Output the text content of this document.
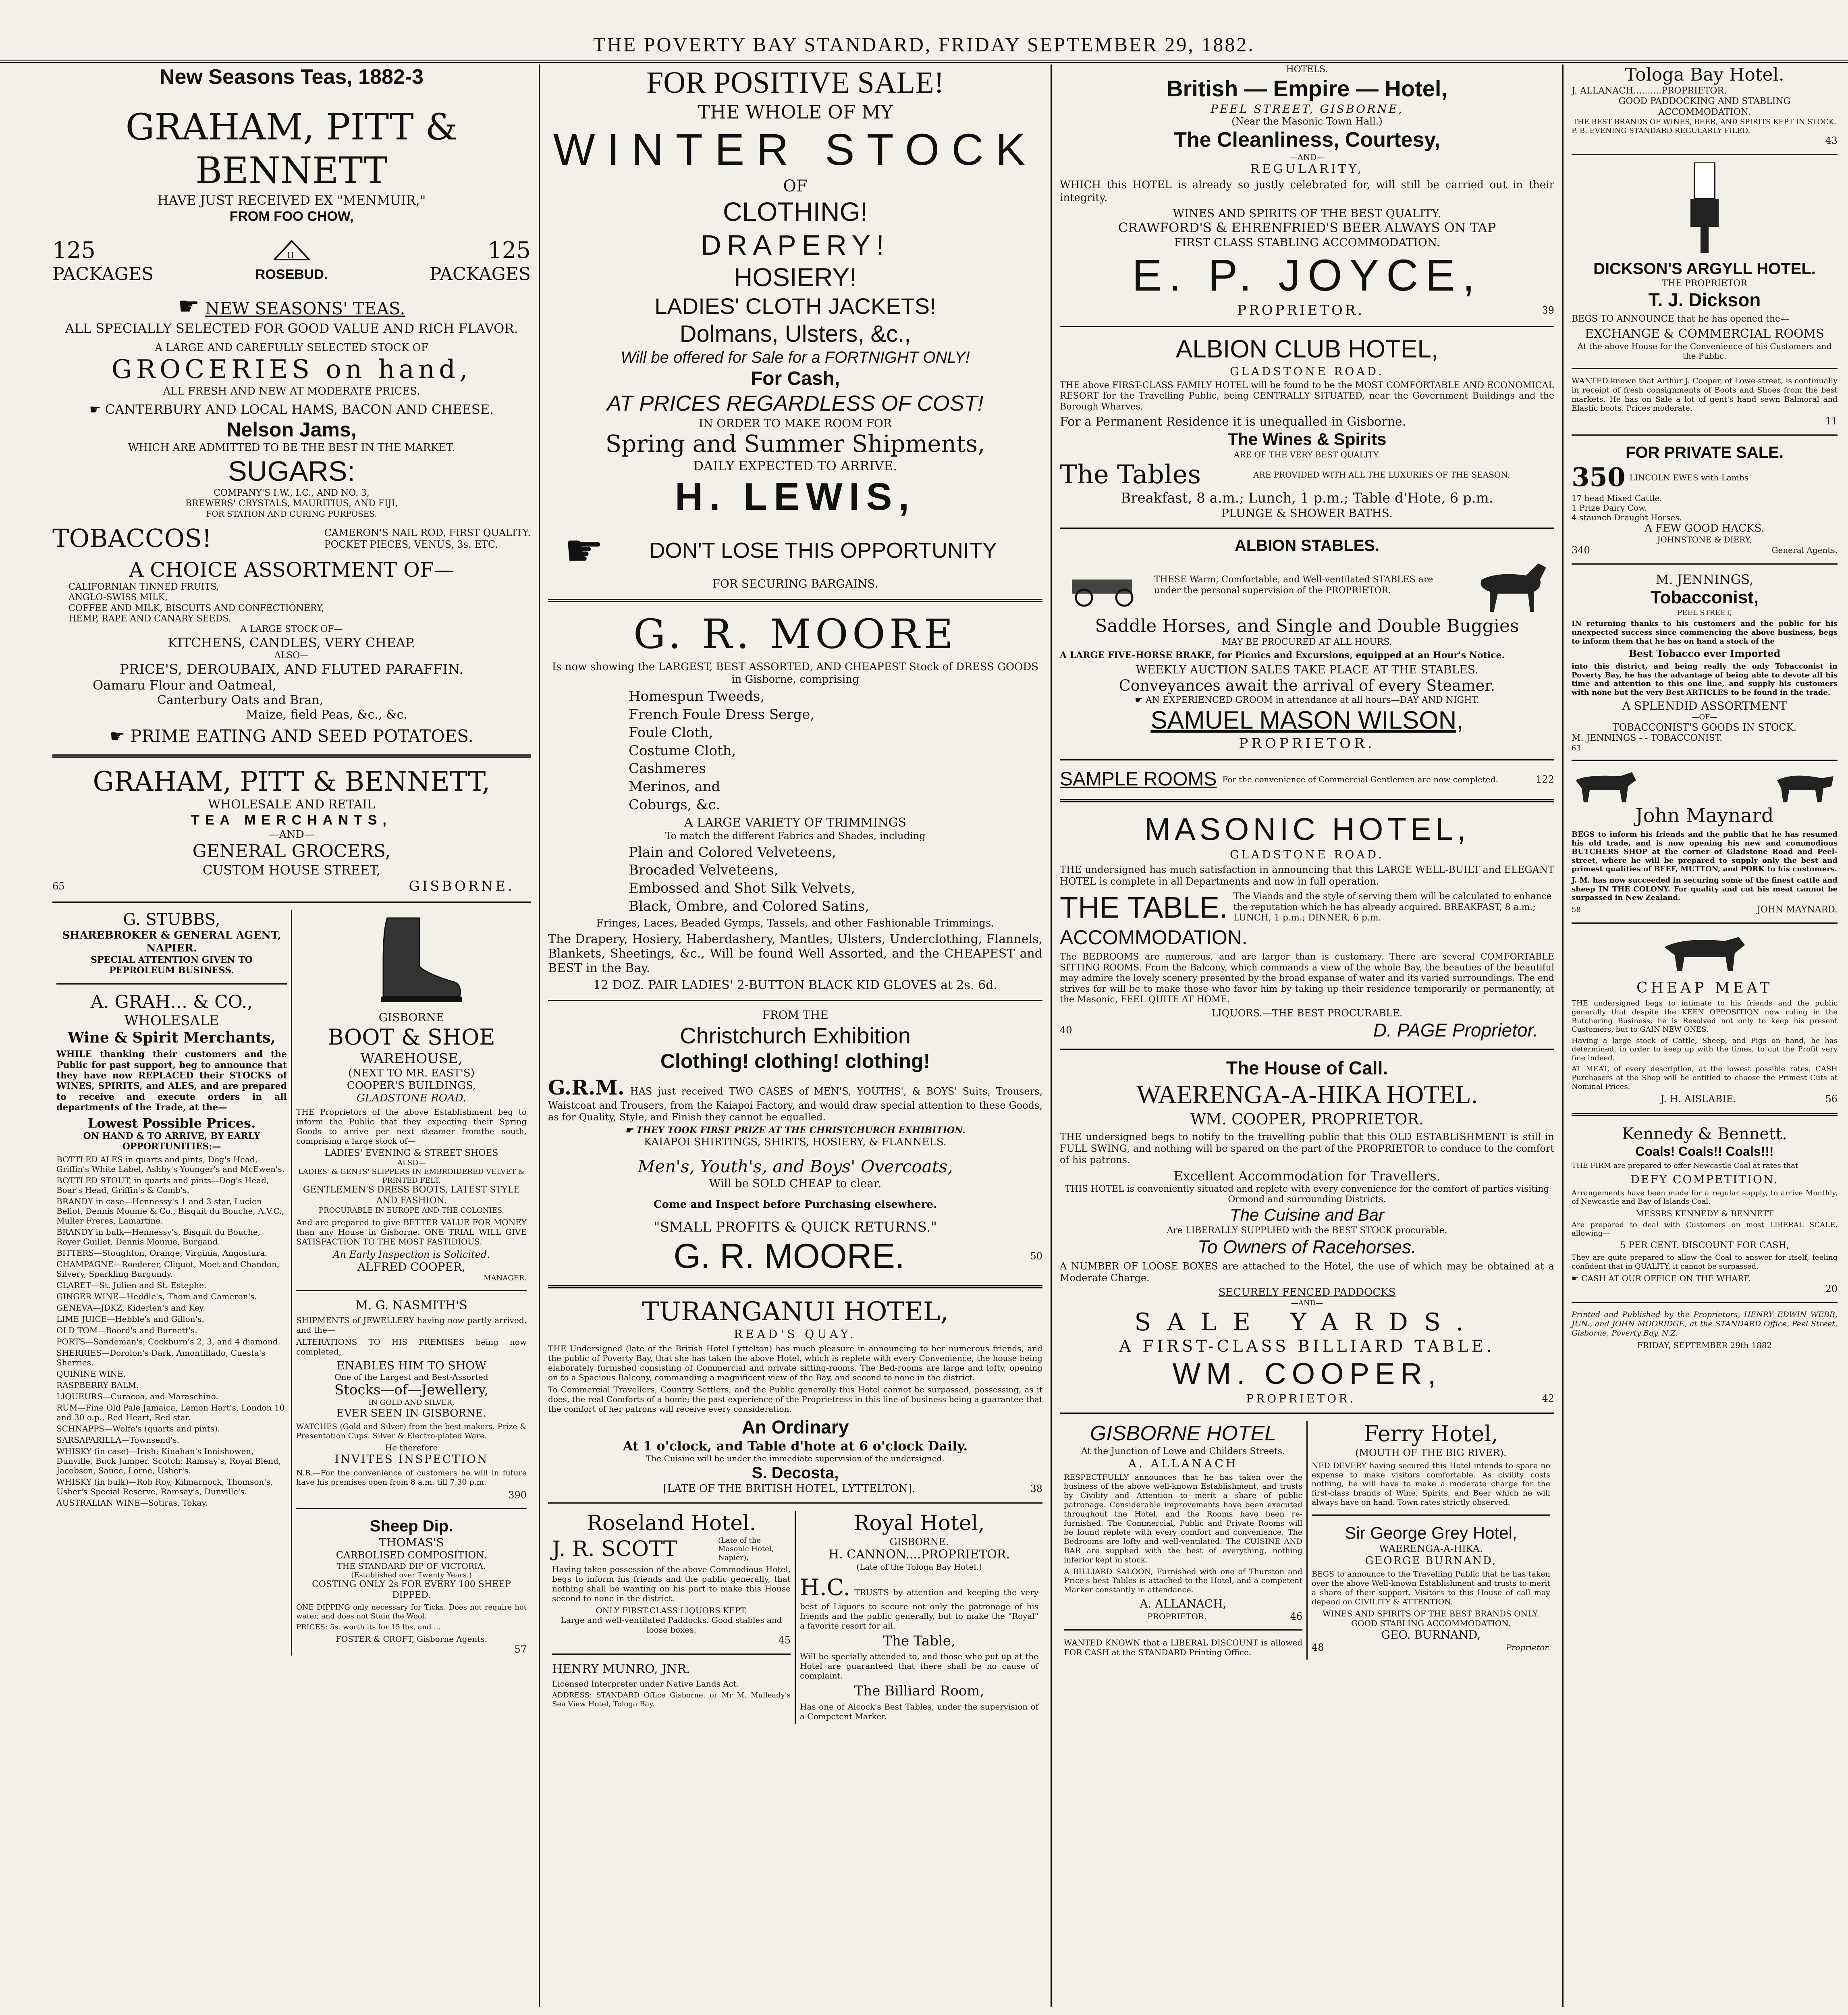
THE POVERTY BAY STANDARD, FRIDAY SEPTEMBER 29, 1882.
New Seasons Teas, 1882-3
GRAHAM, PITT & BENNETT
HAVE JUST RECEIVED EX "MENMUIR,"
FROM FOO CHOW,
125	H	125
PACKAGES	ROSEBUD.	PACKAGES
☛ NEW SEASONS' TEAS.
ALL SPECIALLY SELECTED FOR GOOD VALUE AND RICH FLAVOR.
A LARGE AND CAREFULLY SELECTED STOCK OF
GROCERIES on hand,
ALL FRESH AND NEW AT MODERATE PRICES.
☛ CANTERBURY AND LOCAL HAMS, BACON AND CHEESE.
Nelson Jams,
WHICH ARE ADMITTED TO BE THE BEST IN THE MARKET.
SUGARS:
COMPANY'S I.W., I.C., AND NO. 3,
BREWERS' CRYSTALS, MAURITIUS, AND FIJI,
FOR STATION AND CURING PURPOSES.
TOBACCOS!	CAMERON'S NAIL ROD, FIRST QUALITY.
POCKET PIECES, VENUS, 3s. ETC.
A CHOICE ASSORTMENT OF—
CALIFORNIAN TINNED FRUITS,
ANGLO-SWISS MILK,
COFFEE AND MILK, BISCUITS AND CONFECTIONERY,
HEMP, RAPE AND CANARY SEEDS.
A LARGE STOCK OF—
KITCHENS, CANDLES, VERY CHEAP.
ALSO—
PRICE'S, DEROUBAIX, AND FLUTED PARAFFIN.
Oamaru Flour and Oatmeal,
Canterbury Oats and Bran,
Maize, field Peas, &c., &c.
☛ PRIME EATING AND SEED POTATOES.
GRAHAM, PITT & BENNETT,
WHOLESALE AND RETAIL
TEA MERCHANTS,
—AND—
GENERAL GROCERS,
CUSTOM HOUSE STREET,
65	GISBORNE.
G. STUBBS,
SHAREBROKER & GENERAL AGENT,
NAPIER.
SPECIAL ATTENTION GIVEN TO PEPROLEUM BUSINESS.
A. GRAH... & CO.,
WHOLESALE
Wine & Spirit Merchants,

WHILE thanking their customers and the Public for past support, beg to announce that they have now REPLACED their STOCKS of WINES, SPIRITS, and ALES, and are prepared to receive and execute orders in all departments of the Trade, at the—

Lowest Possible Prices.
ON HAND & TO ARRIVE, BY EARLY OPPORTUNITIES:—
BOTTLED ALES in quarts and pints, Dog's Head, Griffin's White Label, Ashby's Younger's and McEwen's.
BOTTLED STOUT, in quarts and pints—Dog's Head, Boar's Head, Griffin's & Comb's.
BRANDY in case—Hennessy's 1 and 3 star, Lucien Bellot, Dennis Mounie & Co., Bisquit du Bouche, A.V.C., Muller Freres, Lamartine.
BRANDY in bulk—Hennessy's, Bisquit du Bouche, Royer Guillet, Dennis Mounie, Burgand.
BITTERS—Stoughton, Orange, Virginia, Angostura.
CHAMPAGNE—Roederer, Cliquot, Moet and Chandon, Silvery, Sparkling Burgundy.
CLARET—St. Julien and St. Estephe.
GINGER WINE—Heddle's, Thom and Cameron's.
GENEVA—JDKZ, Kiderlen's and Key.
LIME JUICE—Hebble's and Gillon's.
OLD TOM—Boord's and Burnett's.
PORTS—Sandeman's, Cockburn's 2, 3, and 4 diamond.
SHERRIES—Dorolon's Dark, Amontillado, Cuesta's Sherries.
QUININE WINE.
RASPBERRY BALM.
LIQUEURS—Curacoa, and Maraschino.
RUM—Fine Old Pale Jamaica, Lemon Hart's, London 10 and 30 o.p., Red Heart, Red star.
SCHNAPPS—Wolfe's (quarts and pints).
SARSAPARILLA—Townsend's.
WHISKY (in case)—Irish: Kinahan's Innishowen, Dunville, Buck Jumper. Scotch: Ramsay's, Royal Blend, Jacobson, Sauce, Lorne, Usher's.
WHISKY (in bulk)—Rob Roy, Kilmarnock, Thomson's, Usher's Special Reserve, Ramsay's, Dunville's.
AUSTRALIAN WINE—Sotiras, Tokay.
GISBORNE
BOOT & SHOE
WAREHOUSE,
(NEXT TO MR. EAST'S)
COOPER'S BUILDINGS,
GLADSTONE ROAD.

THE Proprietors of the above Establishment beg to inform the Public that they expecting their Spring Goods to arrive per next steamer fromthe south, comprising a large stock of—

LADIES' EVENING & STREET SHOES
ALSO—
LADIES' & GENTS' SLIPPERS IN EMBROIDERED VELVET & PRINTED FELT,
GENTLEMEN'S DRESS BOOTS, LATEST STYLE AND FASHION.
PROCURABLE IN EUROPE AND THE COLONIES.

And are prepared to give BETTER VALUE FOR MONEY than any House in Gisborne. ONE TRIAL WILL GIVE SATISFACTION TO THE MOST FASTIDIOUS.

An Early Inspection is Solicited.
ALFRED COOPER,
MANAGER.
M. G. NASMITH'S

SHIPMENTS of JEWELLERY having now partly arrived, and the—

ALTERATIONS TO HIS PREMISES being now completed,

ENABLES HIM TO SHOW
One of the Largest and Best-Assorted
Stocks—of—Jewellery,
IN GOLD AND SILVER,
EVER SEEN IN GISBORNE.

WATCHES (Gold and Silver) from the best makers. Prize & Presentation Cups. Silver & Electro-plated Ware.

He therefore
INVITES INSPECTION

N.B.—For the convenience of customers he will in future have his premises open from 8 a.m. till 7.30 p.m.

390
Sheep Dip.
THOMAS'S
CARBOLISED COMPOSITION.
THE STANDARD DIP OF VICTORIA.
(Established over Twenty Years.)
COSTING ONLY 2s FOR EVERY 100 SHEEP DIPPED.

ONE DIPPING only necessary for Ticks. Does not require hot water, and does not Stain the Wool.

PRICES: 5s. worth its for 15 lbs, and ...

FOSTER & CROFT, Gisborne Agents.
57
FOR POSITIVE SALE!
THE WHOLE OF MY
WINTER STOCK
OF
CLOTHING!
DRAPERY!
HOSIERY!
LADIES' CLOTH JACKETS!
Dolmans, Ulsters, &c.,
Will be offered for Sale for a FORTNIGHT ONLY!
For Cash,
AT PRICES REGARDLESS OF COST!
IN ORDER TO MAKE ROOM FOR
Spring and Summer Shipments,
DAILY EXPECTED TO ARRIVE.
H. LEWIS,
☛	DON'T LOSE THIS OPPORTUNITY
FOR SECURING BARGAINS.
G. R. MOORE

Is now showing the LARGEST, BEST ASSORTED, AND CHEAPEST Stock of DRESS GOODS in Gisborne, comprising

Homespun Tweeds,
French Foule Dress Serge,
Foule Cloth,
Costume Cloth,
Cashmeres
Merinos, and
Coburgs, &c.
A LARGE VARIETY OF TRIMMINGS
To match the different Fabrics and Shades, including
Plain and Colored Velveteens,
Brocaded Velveteens,
Embossed and Shot Silk Velvets,
Black, Ombre, and Colored Satins,
Fringes, Laces, Beaded Gymps, Tassels, and other Fashionable Trimmings.

The Drapery, Hosiery, Haberdashery, Mantles, Ulsters, Underclothing, Flannels, Blankets, Sheetings, &c., Will be found Well Assorted, and the CHEAPEST and BEST in the Bay.

12 DOZ. PAIR LADIES' 2-BUTTON BLACK KID GLOVES at 2s. 6d.
FROM THE
Christchurch Exhibition
Clothing! clothing! clothing!

G.R.M. HAS just received TWO CASES of MEN'S, YOUTHS', & BOYS' Suits, Trousers, Waistcoat and Trousers, from the Kaiapoi Factory, and would draw special attention to these Goods, as for Quality, Style, and Finish they cannot be equalled.

☛ THEY TOOK FIRST PRIZE AT THE CHRISTCHURCH EXHIBITION.
KAIAPOI SHIRTINGS, SHIRTS, HOSIERY, & FLANNELS.
Men's, Youth's, and Boys' Overcoats,
Will be SOLD CHEAP to clear.
Come and Inspect before Purchasing elsewhere.
"SMALL PROFITS & QUICK RETURNS."
G. R. MOORE.	50
TURANGANUI HOTEL,
READ'S QUAY.

THE Undersigned (late of the British Hotel Lyttelton) has much pleasure in announcing to her numerous friends, and the public of Poverty Bay, that she has taken the above Hotel, which is replete with every Convenience, the house being elaborately furnished consisting of Commercial and private sitting-rooms. The Bed-rooms are large and lofty, opening on to a Spacious Balcony, commanding a magnificent view of the Bay, and second to none in the district.

To Commercial Travellers, Country Settlers, and the Public generally this Hotel cannot be surpassed, possessing, as it does, the real Comforts of a home; the past experience of the Proprietress in this line of business being a guarantee that the comfort of her patrons will receive every consideration.

An Ordinary
At 1 o'clock, and Table d'hote at 6 o'clock Daily.
The Cuisine will be under the immediate supervision of the undersigned.
S. Decosta,
[LATE OF THE BRITISH HOTEL, LYTTELTON].	38
Roseland Hotel.
J. R. SCOTT	(Late of the Masonic Hotel, Napier),

Having taken possession of the above Commodious Hotel, begs to inform his friends and the public generally, that nothing shall be wanting on his part to make this House second to none in the district.

ONLY FIRST-CLASS LIQUORS KEPT.
Large and well-ventilated Paddocks. Good stables and loose boxes.
45
HENRY MUNRO, JNR.

Licensed Interpreter under Native Lands Act.

ADDRESS: STANDARD Office Gisborne, or Mr M. Mulleady's Sea View Hotel, Tologa Bay.

Royal Hotel,
GISBORNE.
H. CANNON....PROPRIETOR.
(Late of the Tologa Bay Hotel.)

H.C. TRUSTS by attention and keeping the very best of Liquors to secure not only the patronage of his friends and the public generally, but to make the "Royal" a favorite resort for all.

The Table,

Will be specially attended to, and those who put up at the Hotel are guaranteed that there shall be no cause of complaint.

The Billiard Room,

Has one of Alcock's Best Tables, under the supervision of a Competent Marker.

HOTELS.
British — Empire — Hotel,
PEEL STREET, GISBORNE,
(Near the Masonic Town Hall.)
The Cleanliness, Courtesy,
—AND—
REGULARITY,

WHICH this HOTEL is already so justly celebrated for, will still be carried out in their integrity.

WINES AND SPIRITS OF THE BEST QUALITY.
CRAWFORD'S & EHRENFRIED'S BEER ALWAYS ON TAP
FIRST CLASS STABLING ACCOMMODATION.
E. P. JOYCE,
PROPRIETOR.	39
ALBION CLUB HOTEL,
GLADSTONE ROAD.

THE above FIRST-CLASS FAMILY HOTEL will be found to be the MOST COMFORTABLE AND ECONOMICAL RESORT for the Travelling Public, being CENTRALLY SITUATED, near the Government Buildings and the Borough Wharves.

For a Permanent Residence it is unequalled in Gisborne.
The Wines & Spirits
ARE OF THE VERY BEST QUALITY.
The Tables	ARE PROVIDED WITH ALL THE LUXURIES OF THE SEASON.
Breakfast, 8 a.m.; Lunch, 1 p.m.; Table d'Hote, 6 p.m.
PLUNGE & SHOWER BATHS.
ALBION STABLES.
THESE Warm, Comfortable, and Well-ventilated STABLES are under the personal supervision of the PROPRIETOR.
Saddle Horses, and Single and Double Buggies
MAY BE PROCURED AT ALL HOURS.

A LARGE FIVE-HORSE BRAKE, for Picnics and Excursions, equipped at an Hour's Notice.

WEEKLY AUCTION SALES TAKE PLACE AT THE STABLES.
Conveyances await the arrival of every Steamer.
☛ AN EXPERIENCED GROOM in attendance at all hours—DAY AND NIGHT.
SAMUEL MASON WILSON,
PROPRIETOR.
SAMPLE ROOMS For the convenience of Commercial Gentlemen are now completed.	122
MASONIC HOTEL,
GLADSTONE ROAD.

THE undersigned has much satisfaction in announcing that this LARGE WELL-BUILT and ELEGANT HOTEL is complete in all Departments and now in full operation.

THE TABLE. The Viands and the style of serving them will be calculated to enhance the reputation which he has already acquired. BREAKFAST, 8 a.m.; LUNCH, 1 p.m.; DINNER, 6 p.m.
ACCOMMODATION.

The BEDROOMS are numerous, and are larger than is customary. There are several COMFORTABLE SITTING ROOMS. From the Balcony, which commands a view of the whole Bay, the beauties of the beautiful may admire the lovely scenery presented by the broad expanse of water and its varied surroundings. The end strives for will be to make those who favor him by taking up their residence temporarily or permanently, at the Masonic, FEEL QUITE AT HOME.

LIQUORS.—THE BEST PROCURABLE.
40	D. PAGE Proprietor.
The House of Call.
WAERENGA-A-HIKA HOTEL.
WM. COOPER, PROPRIETOR.

THE undersigned begs to notify to the travelling public that this OLD ESTABLISHMENT is still in FULL SWING, and nothing will be spared on the part of the PROPRIETOR to conduce to the comfort of his patrons.

Excellent Accommodation for Travellers.
THIS HOTEL is conveniently situated and replete with every convenience for the comfort of parties visiting Ormond and surrounding Districts.
The Cuisine and Bar
Are LIBERALLY SUPPLIED with the BEST STOCK procurable.
To Owners of Racehorses.

A NUMBER OF LOOSE BOXES are attached to the Hotel, the use of which may be obtained at a Moderate Charge.

SECURELY FENCED PADDOCKS
—AND—
SALE YARDS.
A FIRST-CLASS BILLIARD TABLE.
WM. COOPER,
PROPRIETOR.	42
GISBORNE HOTEL
At the Junction of Lowe and Childers Streets.
A. ALLANACH

RESPECTFULLY announces that he has taken over the business of the above well-known Establishment, and trusts by Civility and Attention to merit a share of public patronage. Considerable improvements have been executed throughout the Hotel, and the Rooms have been re-furnished. The Commercial, Public and Private Rooms will be found replete with every comfort and convenience. The Bedrooms are lofty and well-ventilated. The CUISINE AND BAR are supplied with the best of everything, nothing inferior kept in stock.

A BILLIARD SALOON, Furnished with one of Thurston and Price's best Tables is attached to the Hotel, and a competent Marker constantly in attendance.

A. ALLANACH,
PROPRIETOR.	46

WANTED KNOWN that a LIBERAL DISCOUNT is allowed FOR CASH at the STANDARD Printing Office.

Ferry Hotel,
(MOUTH OF THE BIG RIVER).

NED DEVERY having secured this Hotel intends to spare no expense to make visitors comfortable. As civility costs nothing, he will have to make a moderate charge for the first-class brands of Wine, Spirits, and Beer which he will always have on hand. Town rates strictly observed.

Sir George Grey Hotel,
WAERENGA-A-HIKA.
GEORGE BURNAND,

BEGS to announce to the Travelling Public that he has taken over the above Well-known Establishment and trusts to merit a share of their support. Visitors to this House of call may depend on CIVILITY & ATTENTION.

WINES AND SPIRITS OF THE BEST BRANDS ONLY.
GOOD STABLING ACCOMMODATION.
GEO. BURNAND,
48	Proprietor.
Tologa Bay Hotel.
J. ALLANACH..........PROPRIETOR.
GOOD PADDOCKING AND STABLING ACCOMMODATION.
THE BEST BRANDS OF WINES, BEER, AND SPIRITS KEPT IN STOCK.
P. B. EVENING STANDARD REGULARLY FILED.
43
DICKSON'S ARGYLL HOTEL.
THE PROPRIETOR
T. J. Dickson

BEGS TO ANNOUNCE that he has opened the—

EXCHANGE & COMMERCIAL ROOMS
At the above House for the Convenience of his Customers and the Public.

WANTED known that Arthur J. Cooper, of Lowe-street, is continually in receipt of fresh consignments of Boots and Shoes from the best markets. He has on Sale a lot of gent's hand sewn Balmoral and Elastic boots. Prices moderate.

11
FOR PRIVATE SALE.
350 LINCOLN EWES with Lambs
17 head Mixed Cattle.
1 Prize Dairy Cow.
4 staunch Draught Horses.
A FEW GOOD HACKS.
JOHNSTONE & DIERY,
340	General Agents.
M. JENNINGS,
Tobacconist,
PEEL STREET,

IN returning thanks to his customers and the public for his unexpected success since commencing the above business, begs to inform them that he has on hand a stock of the

Best Tobacco ever Imported

into this district, and being really the only Tobacconist in Poverty Bay, he has the advantage of being able to devote all his time and attention to this one line, and supply his customers with none but the very Best ARTICLES to be found in the trade.

A SPLENDID ASSORTMENT
—OF—
TOBACCONIST'S GOODS IN STOCK.
M. JENNINGS - - TOBACCONIST.
63
John Maynard

BEGS to inform his friends and the public that he has resumed his old trade, and is now opening his new and commodious BUTCHERS SHOP at the corner of Gladstone Road and Peel-street, where he will be prepared to supply only the best and primest qualities of BEEF, MUTTON, and PORK to his customers.

J. M. has now succeeded in securing some of the finest cattle and sheep IN THE COLONY. For quality and cut his meat cannot be surpassed in New Zealand.

58	JOHN MAYNARD.
CHEAP MEAT

THE undersigned begs to intimate to his friends and the public generally that despite the KEEN OPPOSITION now ruling in the Butchering Business, he is Resolved not only to keep his present Customers, but to GAIN NEW ONES.

Having a large stock of Cattle, Sheep, and Pigs on hand, he has determined, in order to keep up with the times, to cut the Profit very fine indeed.

AT MEAT, of every description, at the lowest possible rates. CASH Purchasers at the Shop will be entitled to choose the Primest Cuts at Nominal Prices.

J. H. AISLABIE.	56
Kennedy & Bennett.
Coals! Coals!! Coals!!!

THE FIRM are prepared to offer Newcastle Coal at rates that—

DEFY COMPETITION.

Arrangements have been made for a regular supply, to arrive Monthly, of Newcastle and Bay of Islands Coal.

MESSRS KENNEDY & BENNETT

Are prepared to deal with Customers on most LIBERAL SCALE, allowing—

5 PER CENT. DISCOUNT FOR CASH,

They are quite prepared to allow the Coal to answer for itself, feeling confident that in QUALITY, it cannot be surpassed.

☛ CASH AT OUR OFFICE ON THE WHARF.
20

Printed and Published by the Proprietors, HENRY EDWIN WEBB, JUN., and JOHN MOORIDGE, at the STANDARD Office, Peel Street, Gisborne, Poverty Bay, N.Z.

FRIDAY, SEPTEMBER 29th 1882
